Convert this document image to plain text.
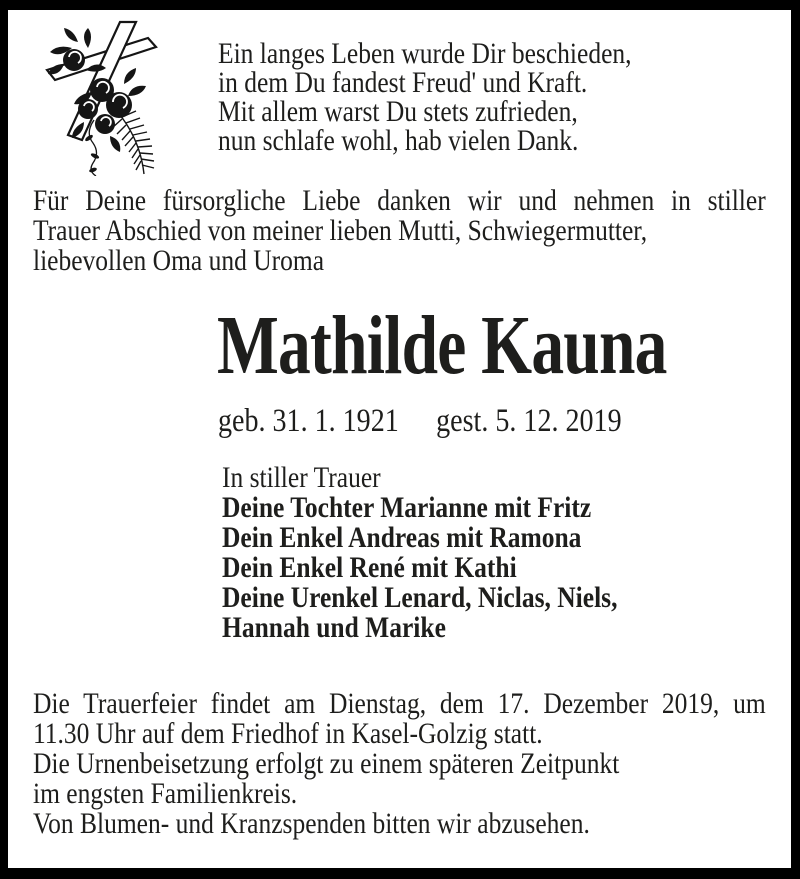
Ein langes Leben wurde Dir beschieden,
in dem Du fandest Freud' und Kraft.
Mit allem warst Du stets zufrieden,
nun schlafe wohl, hab vielen Dank.
Für Deine fürsorgliche Liebe danken wir und nehmen in stiller
Trauer Abschied von meiner lieben Mutti, Schwiegermutter,
liebevollen Oma und Uroma
Mathilde Kauna
geb. 31. 1. 1921 gest. 5. 12. 2019
In stiller Trauer
Deine Tochter Marianne mit Fritz
Dein Enkel Andreas mit Ramona
Dein Enkel René mit Kathi
Deine Urenkel Lenard, Niclas, Niels,
Hannah und Marike
Die Trauerfeier findet am Dienstag, dem 17. Dezember 2019, um
11.30 Uhr auf dem Friedhof in Kasel-Golzig statt.
Die Urnenbeisetzung erfolgt zu einem späteren Zeitpunkt
im engsten Familienkreis.
Von Blumen- und Kranzspenden bitten wir abzusehen.
